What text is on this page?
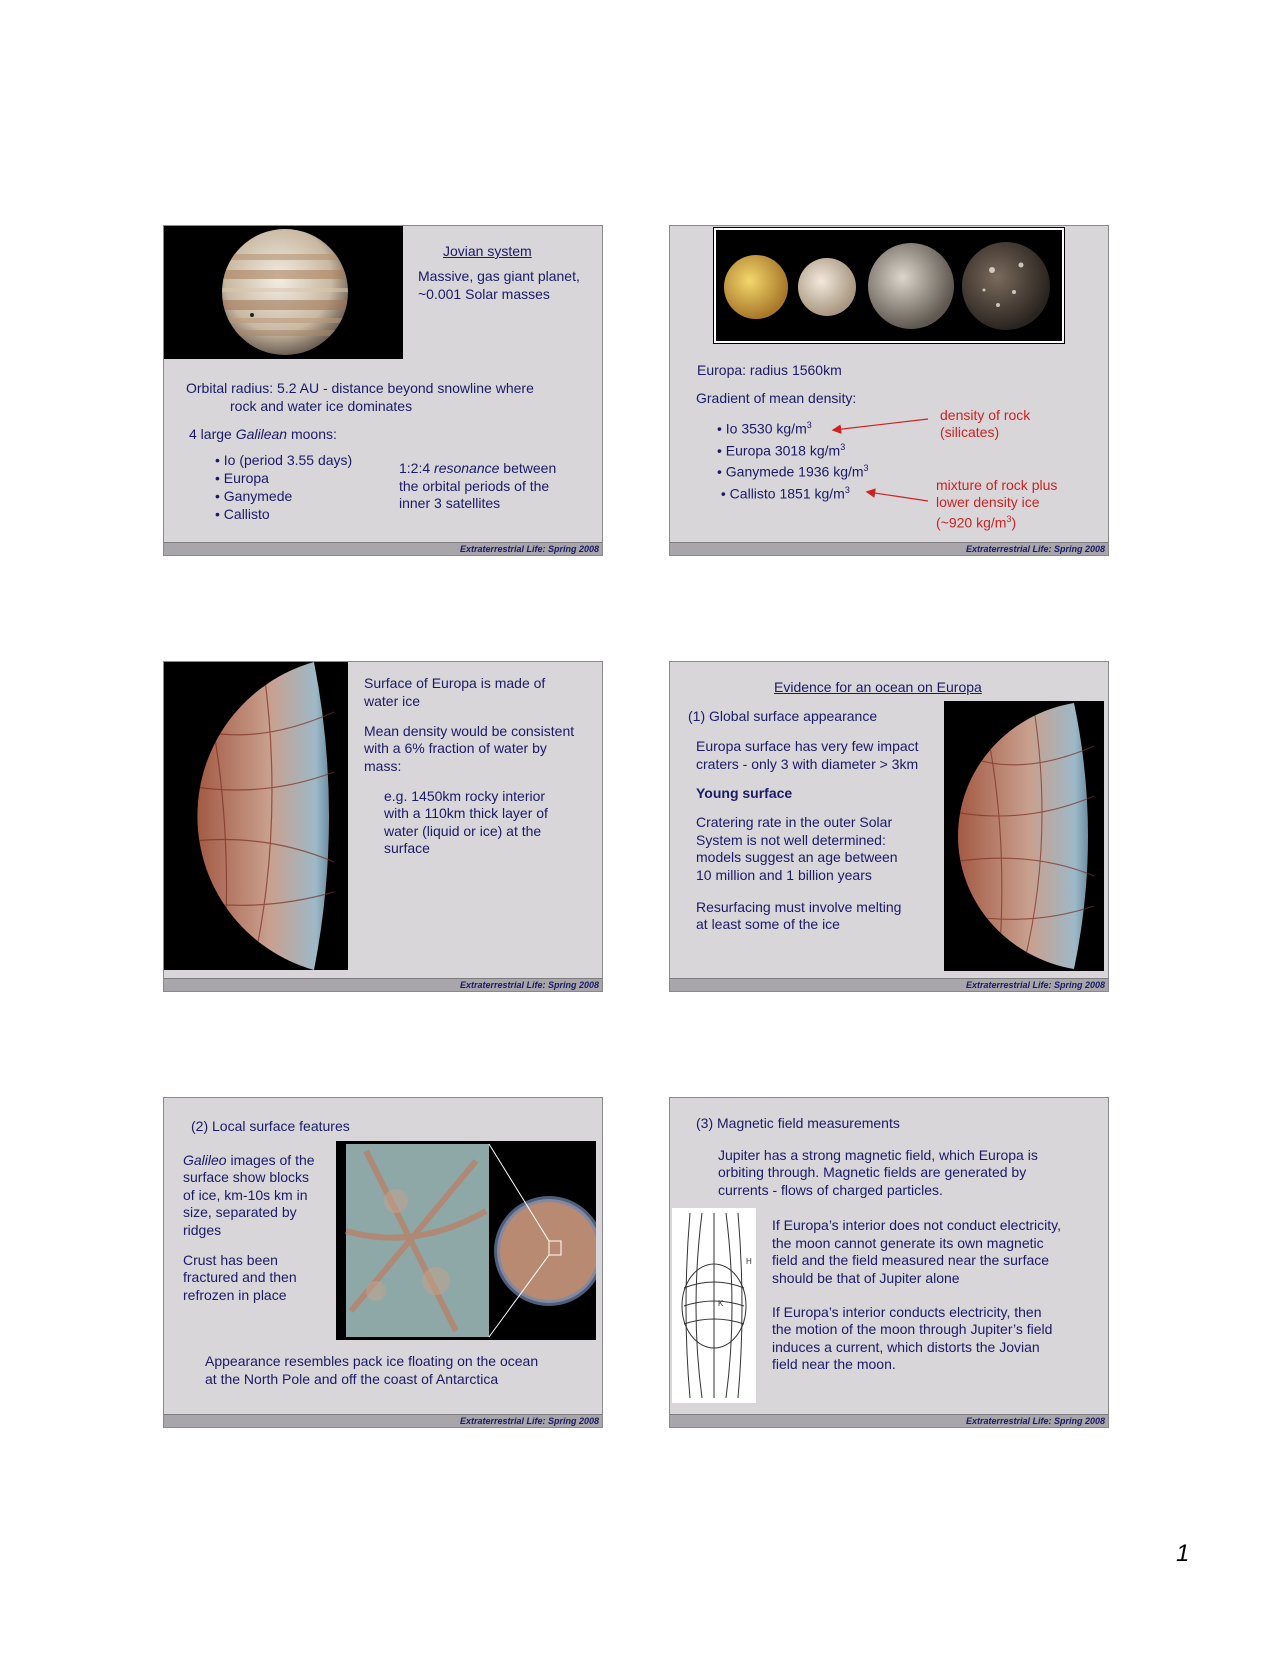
Jovian system
Massive, gas giant planet,
~0.001 Solar masses
Orbital radius: 5.2 AU - distance beyond snowline where
rock and water ice dominates
4 large Galilean moons:
• Io (period 3.55 days)
• Europa
• Ganymede
• Callisto
1:2:4 resonance between
the orbital periods of the
inner 3 satellites
Extraterrestrial Life: Spring 2008
Europa: radius 1560km
Gradient of mean density:
• Io 3530 $kg/m^3$
• Europa 3018 $kg/m^3$
• Ganymede 1936 $kg/m^3$
• Callisto 1851 $kg/m^3$
density of rock
(silicates)
mixture of rock plus
lower density ice
(~920 $kg/m^3$)
Extraterrestrial Life: Spring 2008
Surface of Europa is made of
water ice
Mean density would be consistent
with a 6% fraction of water by
mass:
e.g. 1450km rocky interior
with a 110km thick layer of
water (liquid or ice) at the
surface
Extraterrestrial Life: Spring 2008
Evidence for an ocean on Europa
(1) Global surface appearance
Europa surface has very few impact
craters - only 3 with diameter > 3km
Young surface
Cratering rate in the outer Solar
System is not well determined:
models suggest an age between
10 million and 1 billion years
Resurfacing must involve melting
at least some of the ice
Extraterrestrial Life: Spring 2008
(2) Local surface features
Galileo images of the
surface show blocks
of ice, km-10s km in
size, separated by
ridges
Crust has been
fractured and then
refrozen in place
Appearance resembles pack ice floating on the ocean
at the North Pole and off the coast of Antarctica
Extraterrestrial Life: Spring 2008
(3) Magnetic field measurements
Jupiter has a strong magnetic field, which Europa is
orbiting through. Magnetic fields are generated by
currents - flows of charged particles.
H
K
If Europa’s interior does not conduct electricity,
the moon cannot generate its own magnetic
field and the field measured near the surface
should be that of Jupiter alone
If Europa’s interior conducts electricity, then
the motion of the moon through Jupiter’s field
induces a current, which distorts the Jovian
field near the moon.
Extraterrestrial Life: Spring 2008
1
